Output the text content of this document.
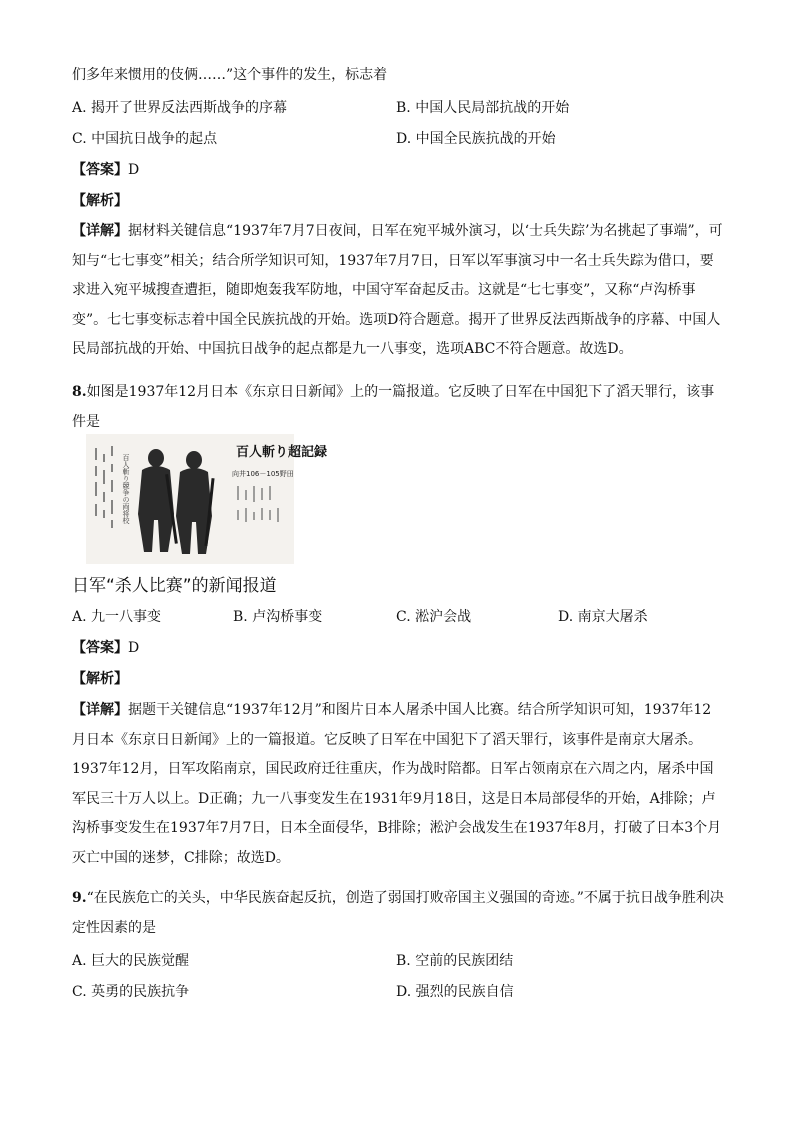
们多年来惯用的伎俩……”这个事件的发生，标志着
A. 揭开了世界反法西斯战争的序幕	B. 中国人民局部抗战的开始
C. 中国抗日战争的起点	D. 中国全民族抗战的开始
【答案】D
【解析】
【详解】据材料关键信息“1937年7月7日夜间，日军在宛平城外演习，以‘士兵失踪’为名挑起了事端”，可知与“七七事变”相关；结合所学知识可知，1937年7月7日，日军以军事演习中一名士兵失踪为借口，要求进入宛平城搜查遭拒，随即炮轰我军防地，中国守军奋起反击。这就是“七七事变”，又称“卢沟桥事变”。七七事变标志着中国全民族抗战的开始。选项D符合题意。揭开了世界反法西斯战争的序幕、中国人民局部抗战的开始、中国抗日战争的起点都是九一八事变，选项ABC不符合题意。故选D。
8.如图是1937年12月日本《东京日日新闻》上的一篇报道。它反映了日军在中国犯下了滔天罪行，该事件是
百人斬り競争の両将校
百人斬り超記録
向井106－105野田
日军“杀人比赛”的新闻报道
A. 九一八事变	B. 卢沟桥事变	C. 淞沪会战	D. 南京大屠杀
【答案】D
【解析】
【详解】据题干关键信息“1937年12月”和图片日本人屠杀中国人比赛。结合所学知识可知，1937年12月日本《东京日日新闻》上的一篇报道。它反映了日军在中国犯下了滔天罪行，该事件是南京大屠杀。1937年12月，日军攻陷南京，国民政府迁往重庆，作为战时陪都。日军占领南京在六周之内，屠杀中国军民三十万人以上。D正确；九一八事变发生在1931年9月18日，这是日本局部侵华的开始，A排除；卢沟桥事变发生在1937年7月7日，日本全面侵华，B排除；淞沪会战发生在1937年8月，打破了日本3个月灭亡中国的迷梦，C排除；故选D。
9.“在民族危亡的关头，中华民族奋起反抗，创造了弱国打败帝国主义强国的奇迹。”不属于抗日战争胜利决定性因素的是
A. 巨大的民族觉醒	B. 空前的民族团结
C. 英勇的民族抗争	D. 强烈的民族自信
